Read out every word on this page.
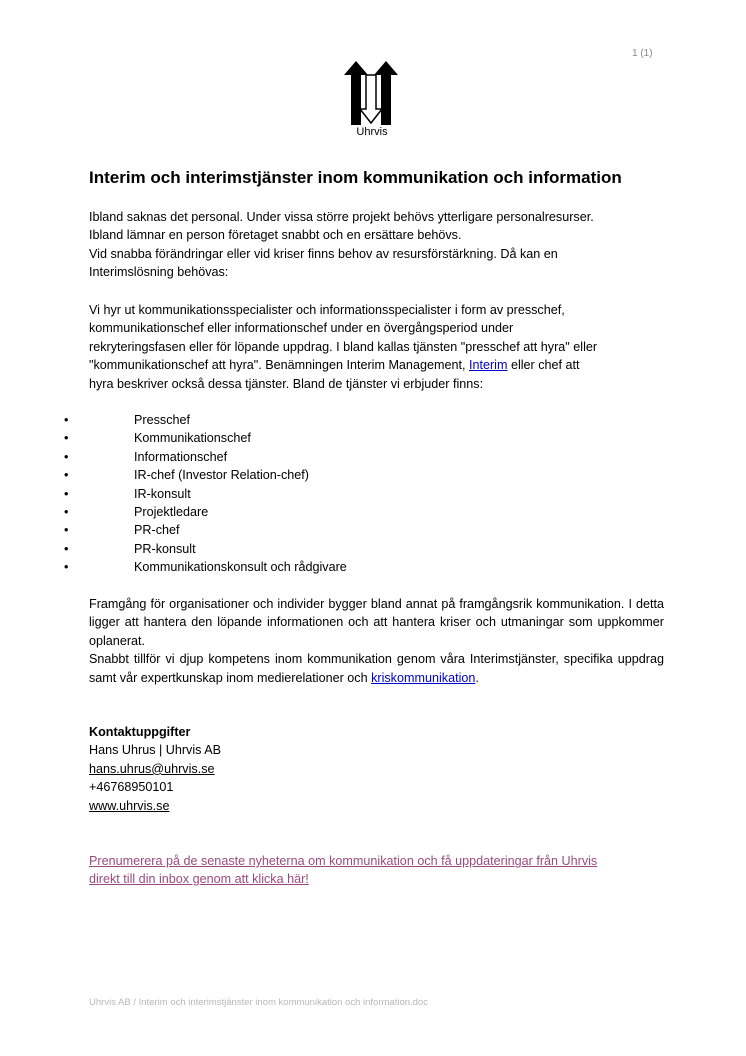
1 (1)
Uhrvis
Interim och interimstjänster inom kommunikation och information
Ibland saknas det personal. Under vissa större projekt behövs ytterligare personalresurser.
Ibland lämnar en person företaget snabbt och en ersättare behövs.
Vid snabba förändringar eller vid kriser finns behov av resursförstärkning. Då kan en
Interimslösning behövas:
Vi hyr ut kommunikationsspecialister och informationsspecialister i form av presschef,
kommunikationschef eller informationschef under en övergångsperiod under
rekryteringsfasen eller för löpande uppdrag. I bland kallas tjänsten "presschef att hyra" eller
"kommunikationschef att hyra". Benämningen Interim Management, Interim eller chef att
hyra beskriver också dessa tjänster. Bland de tjänster vi erbjuder finns:
•	Presschef
•	Kommunikationschef
•	Informationschef
•	IR-chef (Investor Relation-chef)
•	IR-konsult
•	Projektledare
•	PR-chef
•	PR-konsult
•	Kommunikationskonsult och rådgivare
Framgång för organisationer och individer bygger bland annat på framgångsrik kommunikation. I detta ligger att hantera den löpande informationen och att hantera kriser och utmaningar som uppkommer oplanerat.
Snabbt tillför vi djup kompetens inom kommunikation genom våra Interimstjänster, specifika uppdrag samt vår expertkunskap inom medierelationer och kriskommunikation.
Kontaktuppgifter
Hans Uhrus | Uhrvis AB
hans.uhrus@uhrvis.se
+46768950101
www.uhrvis.se
Prenumerera på de senaste nyheterna om kommunikation och få uppdateringar från Uhrvis
direkt till din inbox genom att klicka här!
Uhrvis AB / Interim och interimstjänster inom kommunikation och information.doc
